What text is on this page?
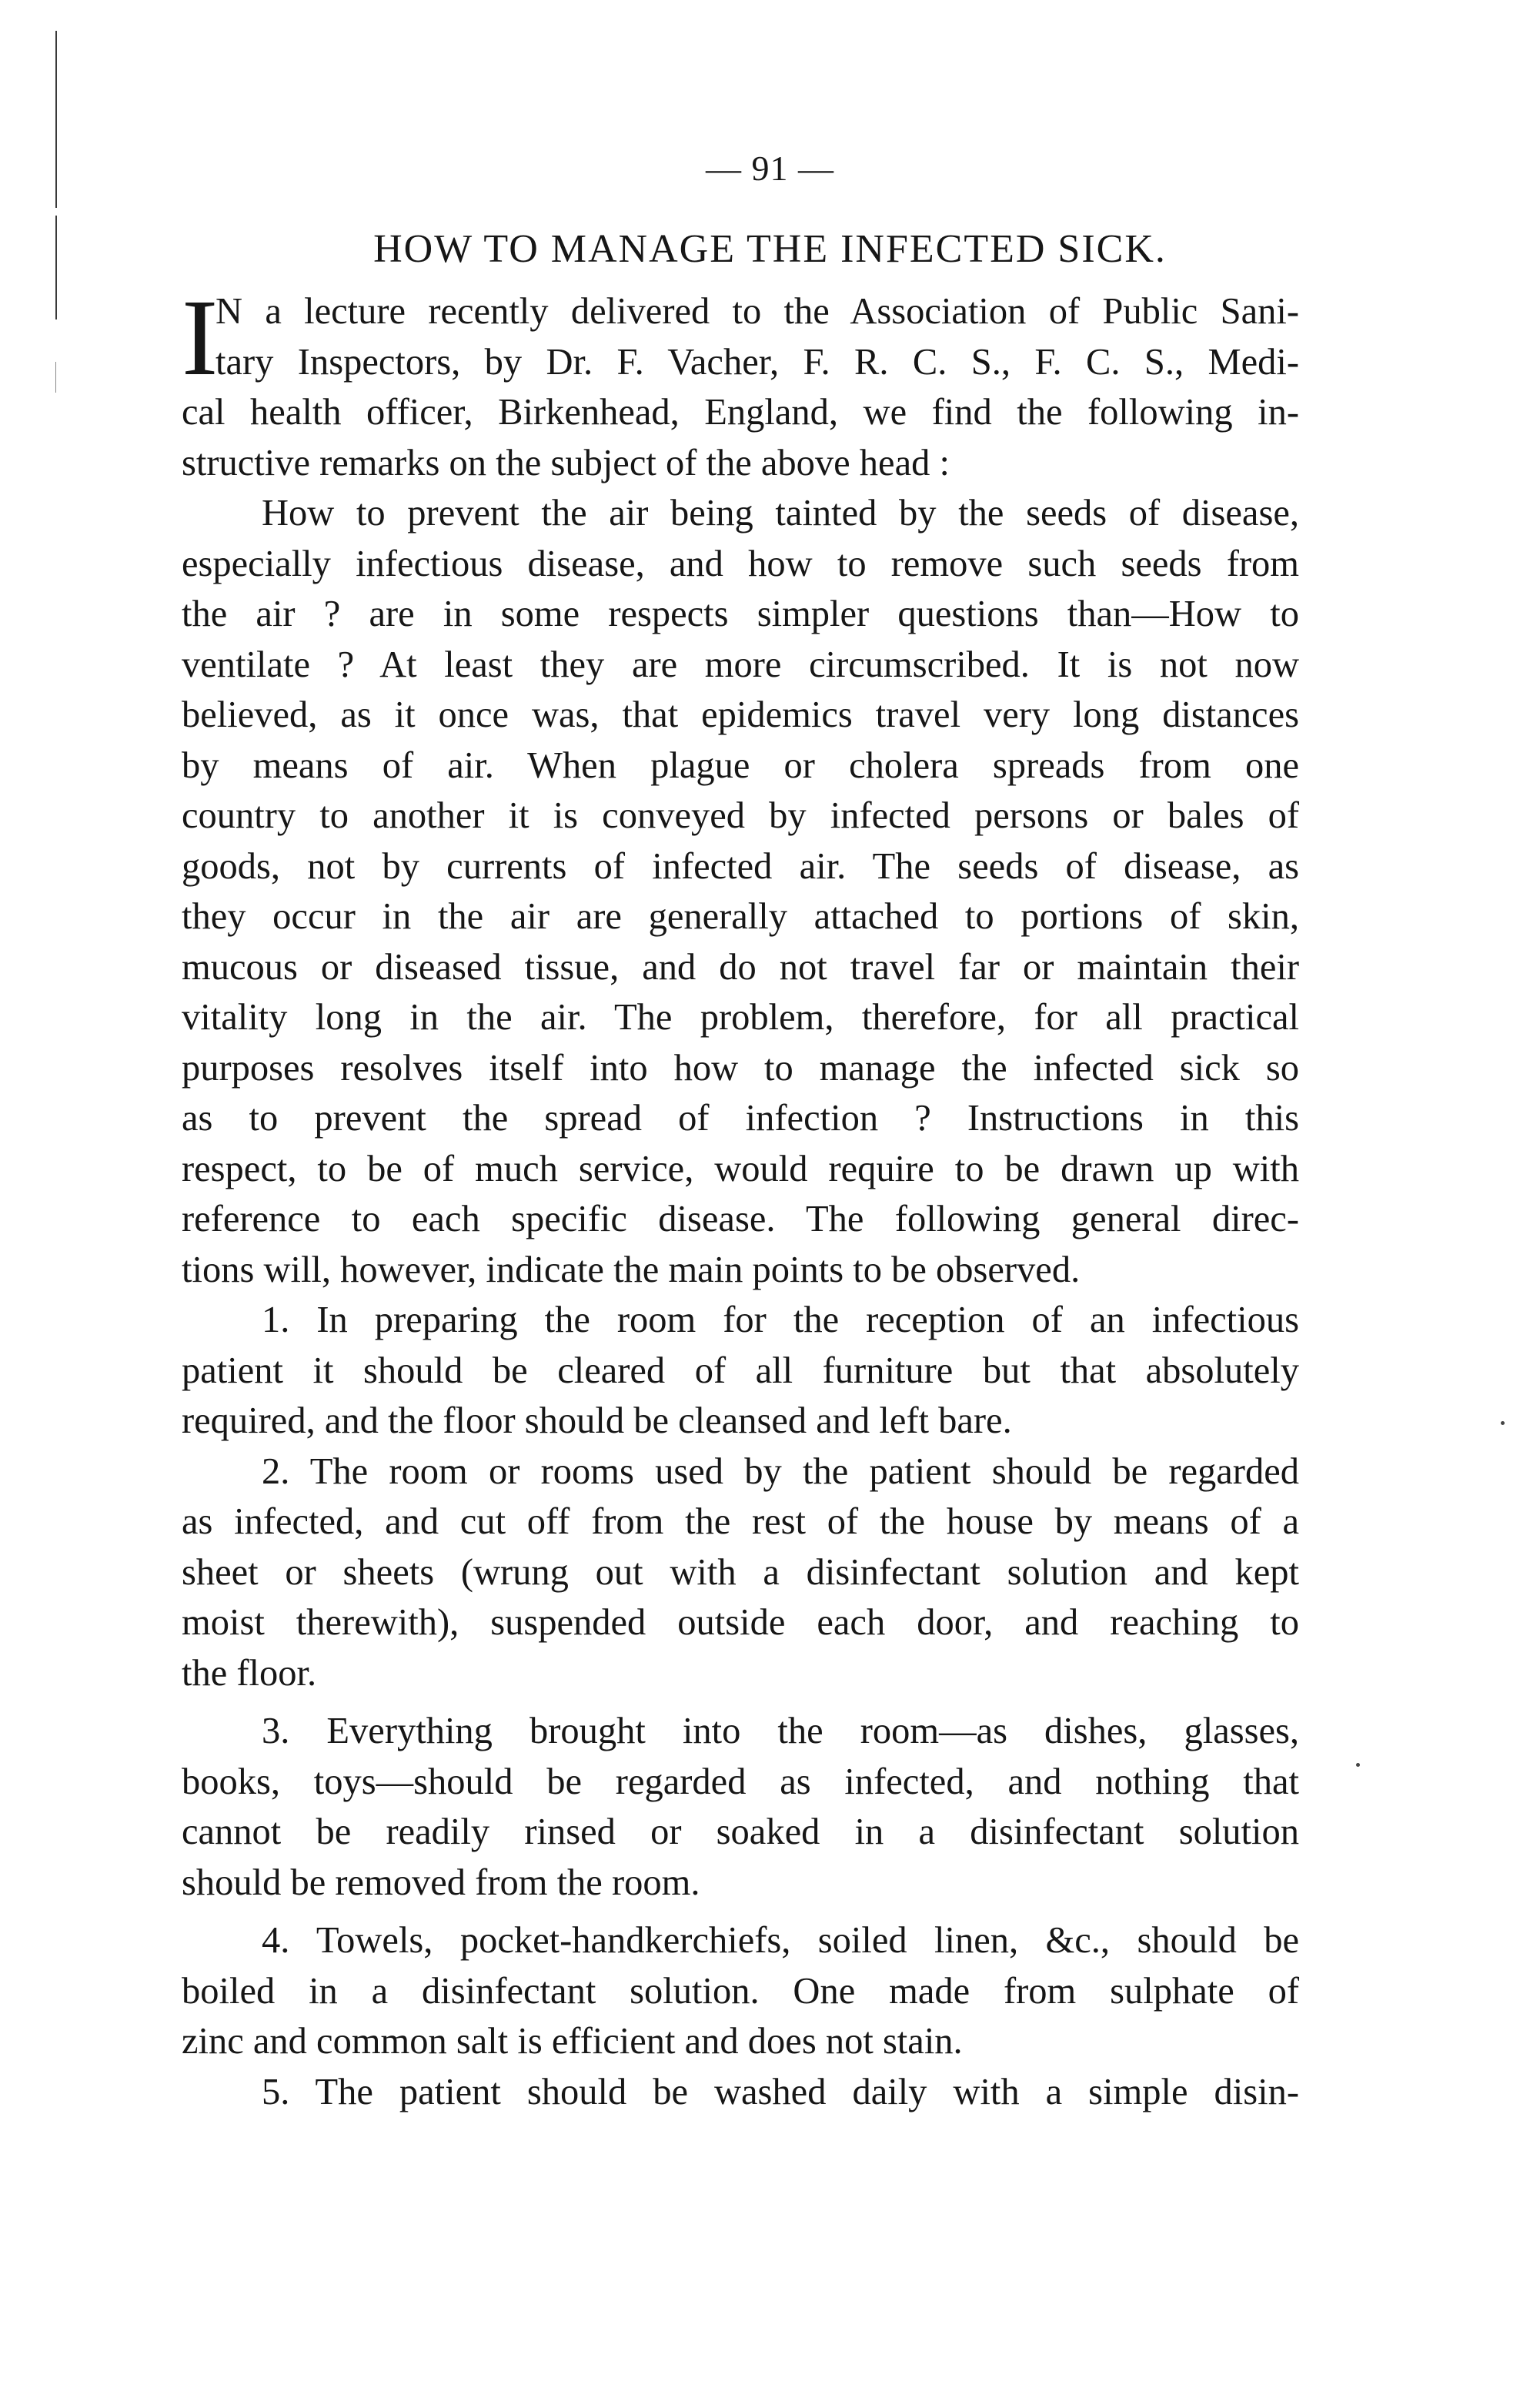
— 91 —
HOW TO MANAGE THE INFECTED SICK.
I

N a lecture recently delivered to the Association of Public Sani-

tary Inspectors, by Dr. F. Vacher, F. R. C. S., F. C. S., Medi-

cal health officer, Birkenhead, England, we find the following in-

structive remarks on the subject of the above head :

How to prevent the air being tainted by the seeds of disease,

especially infectious disease, and how to remove such seeds from

the air ? are in some respects simpler questions than—How to

ventilate ? At least they are more circumscribed. It is not now

believed, as it once was, that epidemics travel very long distances

by means of air. When plague or cholera spreads from one

country to another it is conveyed by infected persons or bales of

goods, not by currents of infected air. The seeds of disease, as

they occur in the air are generally attached to portions of skin,

mucous or diseased tissue, and do not travel far or maintain their

vitality long in the air. The problem, therefore, for all practical

purposes resolves itself into how to manage the infected sick so

as to prevent the spread of infection ? Instructions in this

respect, to be of much service, would require to be drawn up with

reference to each specific disease. The following general direc-

tions will, however, indicate the main points to be observed.

1. In preparing the room for the reception of an infectious

patient it should be cleared of all furniture but that absolutely

required, and the floor should be cleansed and left bare.

2. The room or rooms used by the patient should be regarded

as infected, and cut off from the rest of the house by means of a

sheet or sheets (wrung out with a disinfectant solution and kept

moist therewith), suspended outside each door, and reaching to

the floor.

3. Everything brought into the room—as dishes, glasses,

books, toys—should be regarded as infected, and nothing that

cannot be readily rinsed or soaked in a disinfectant solution

should be removed from the room.

4. Towels, pocket-handkerchiefs, soiled linen, &c., should be

boiled in a disinfectant solution. One made from sulphate of

zinc and common salt is efficient and does not stain.

5. The patient should be washed daily with a simple disin-
